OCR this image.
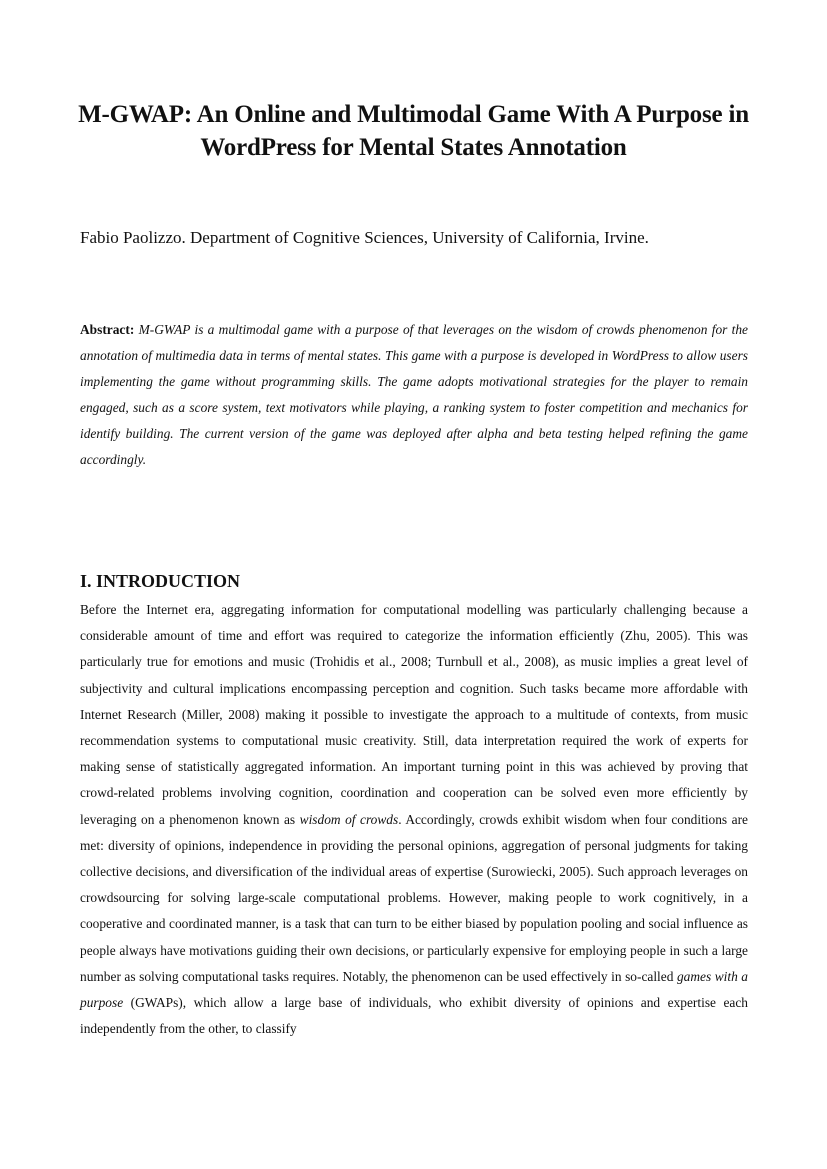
M-GWAP: An Online and Multimodal Game With A Purpose in WordPress for Mental States Annotation

Fabio Paolizzo. Department of Cognitive Sciences, University of California, Irvine.

Abstract: M-GWAP is a multimodal game with a purpose of that leverages on the wisdom of crowds phenomenon for the annotation of multimedia data in terms of mental states. This game with a purpose is developed in WordPress to allow users implementing the game without programming skills. The game adopts motivational strategies for the player to remain engaged, such as a score system, text motivators while playing, a ranking system to foster competition and mechanics for identify building. The current version of the game was deployed after alpha and beta testing helped refining the game accordingly.

I. INTRODUCTION

Before the Internet era, aggregating information for computational modelling was particularly challenging because a considerable amount of time and effort was required to categorize the information efficiently (Zhu, 2005). This was particularly true for emotions and music (Trohidis et al., 2008; Turnbull et al., 2008), as music implies a great level of subjectivity and cultural implications encompassing perception and cognition. Such tasks became more affordable with Internet Research (Miller, 2008) making it possible to investigate the approach to a multitude of contexts, from music recommendation systems to computational music creativity. Still, data interpretation required the work of experts for making sense of statistically aggregated information. An important turning point in this was achieved by proving that crowd-related problems involving cognition, coordination and cooperation can be solved even more efficiently by leveraging on a phenomenon known as wisdom of crowds. Accordingly, crowds exhibit wisdom when four conditions are met: diversity of opinions, independence in providing the personal opinions, aggregation of personal judgments for taking collective decisions, and diversification of the individual areas of expertise (Surowiecki, 2005). Such approach leverages on crowdsourcing for solving large-scale computational problems. However, making people to work cognitively, in a cooperative and coordinated manner, is a task that can turn to be either biased by population pooling and social influence as people always have motivations guiding their own decisions, or particularly expensive for employing people in such a large number as solving computational tasks requires. Notably, the phenomenon can be used effectively in so-called games with a purpose (GWAPs), which allow a large base of individuals, who exhibit diversity of opinions and expertise each independently from the other, to classify
